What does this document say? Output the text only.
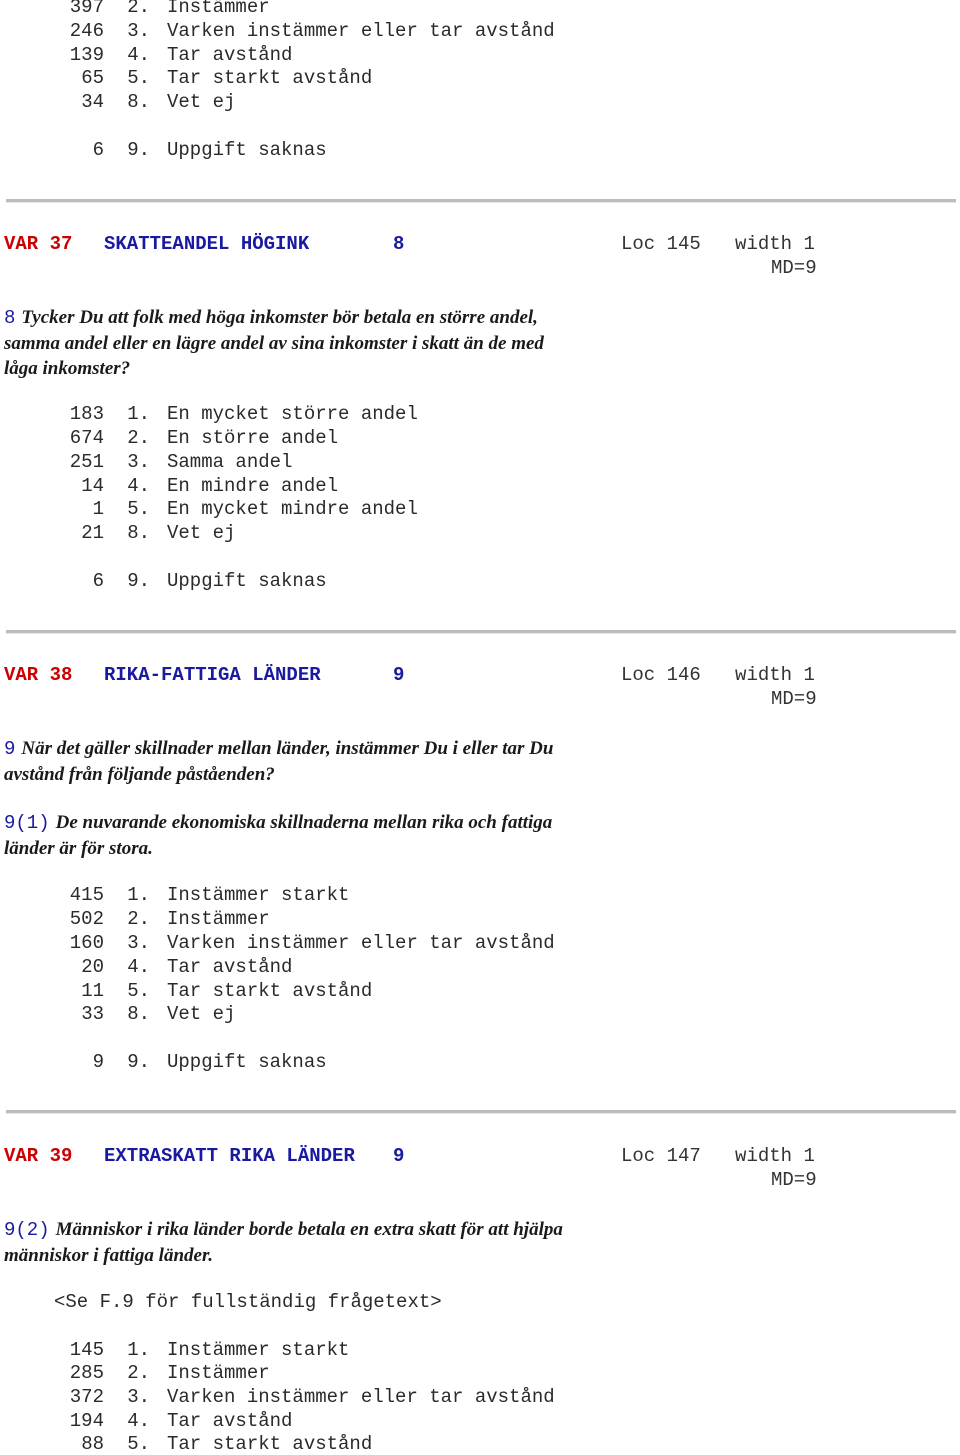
397 2. Instämmer
246 3. Varken instämmer eller tar avstånd
139 4. Tar avstånd
65 5. Tar starkt avstånd
34 8. Vet ej
6 9. Uppgift saknas
VAR 37 SKATTEANDEL HÖGINK	8	Loc 145 width 1
MD=9
8 Tycker Du att folk med höga inkomster bör betala en större andel, samma andel eller en lägre andel av sina inkomster i skatt än de med låga inkomster?
183 1. En mycket större andel
674 2. En större andel
251 3. Samma andel
14 4. En mindre andel
1 5. En mycket mindre andel
21 8. Vet ej
6 9. Uppgift saknas
VAR 38 RIKA-FATTIGA LÄNDER	9	Loc 146 width 1
MD=9
9 När det gäller skillnader mellan länder, instämmer Du i eller tar Du avstånd från följande påståenden?
9(1) De nuvarande ekonomiska skillnaderna mellan rika och fattiga länder är för stora.
415 1. Instämmer starkt
502 2. Instämmer
160 3. Varken instämmer eller tar avstånd
20 4. Tar avstånd
11 5. Tar starkt avstånd
33 8. Vet ej
9 9. Uppgift saknas
VAR 39 EXTRASKATT RIKA LÄNDER 9	Loc 147 width 1
MD=9
9(2) Människor i rika länder borde betala en extra skatt för att hjälpa människor i fattiga länder.
<Se F.9 för fullständig frågetext>
145 1. Instämmer starkt
285 2. Instämmer
372 3. Varken instämmer eller tar avstånd
194 4. Tar avstånd
88 5. Tar starkt avstånd
